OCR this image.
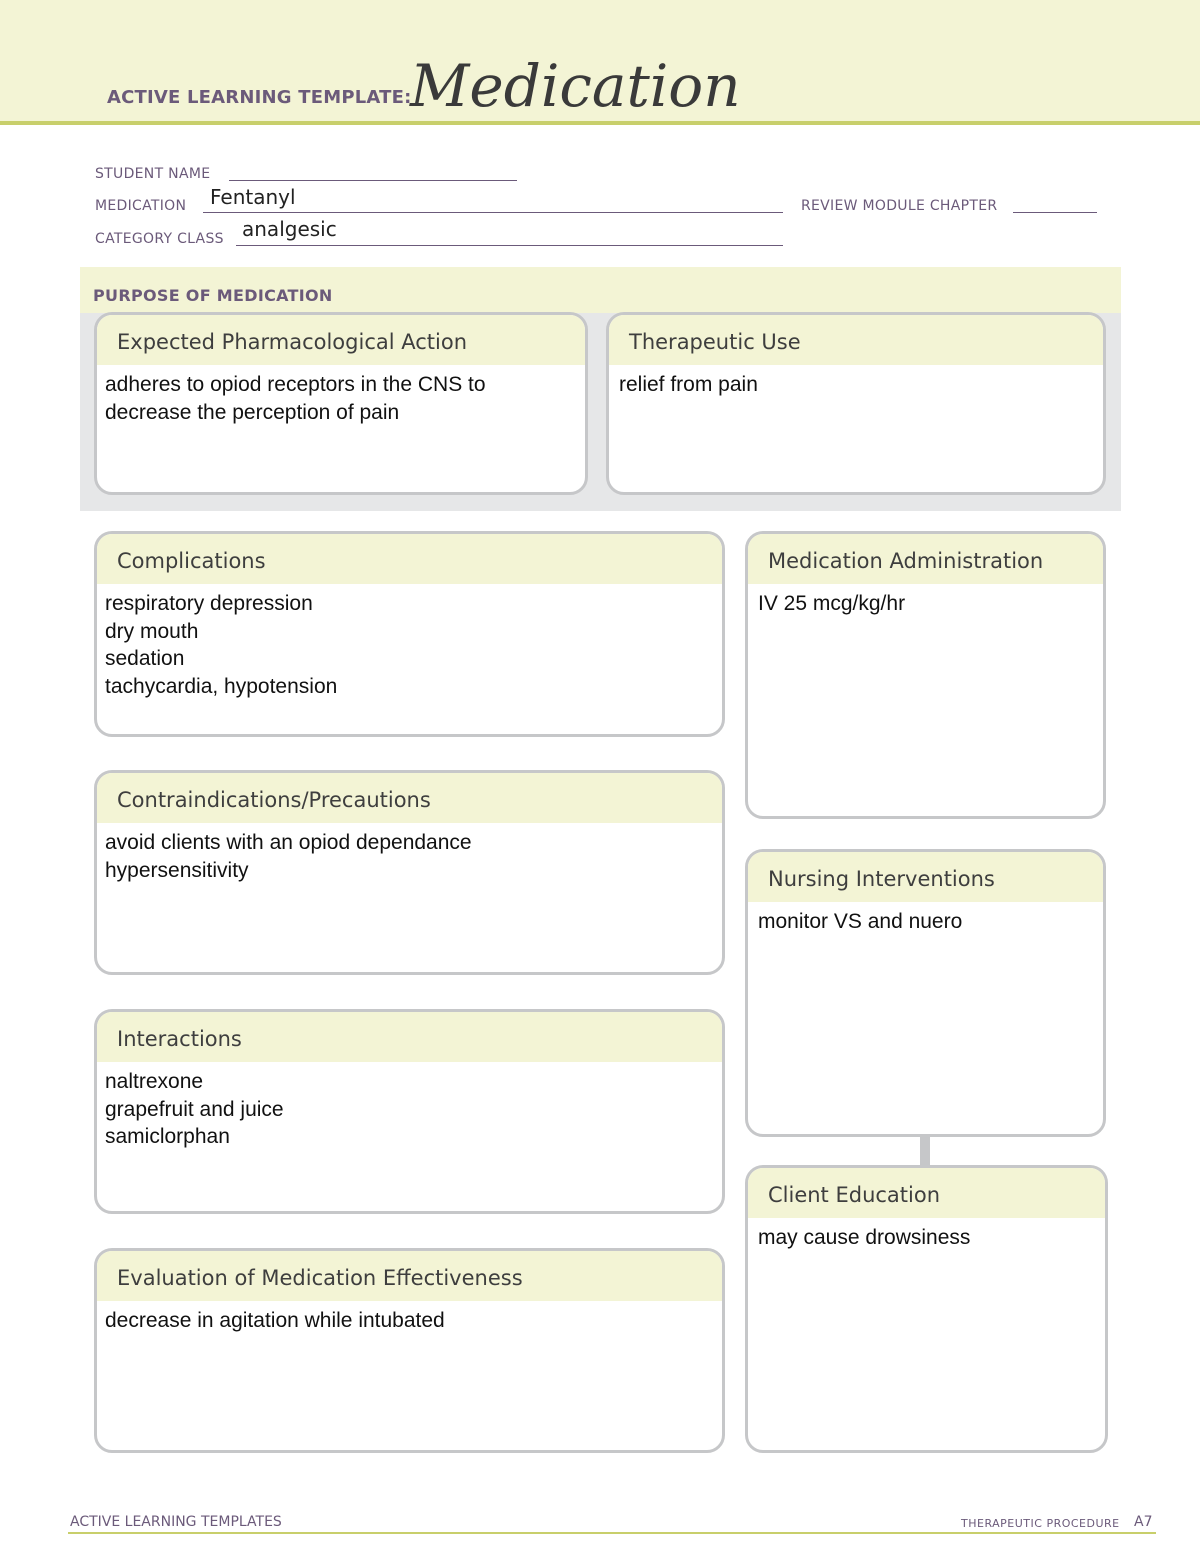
ACTIVE LEARNING TEMPLATE:
Medication
STUDENT NAME
MEDICATION Fentanyl	REVIEW MODULE CHAPTER
CATEGORY CLASS analgesic
PURPOSE OF MEDICATION
Expected Pharmacological Action
adheres to opiod receptors in the CNS to
decrease the perception of pain
Therapeutic Use
relief from pain
Complications
respiratory depression
dry mouth
sedation
tachycardia, hypotension
Medication Administration
IV 25 mcg/kg/hr
Contraindications/Precautions
avoid clients with an opiod dependance
hypersensitivity	Nursing Interventions
monitor VS and nuero
Interactions
naltrexone
grapefruit and juice
samiclorphan
Client Education
may cause drowsiness
Evaluation of Medication Effectiveness
decrease in agitation while intubated
ACTIVE LEARNING TEMPLATES	THERAPEUTIC PROCEDURE A7
